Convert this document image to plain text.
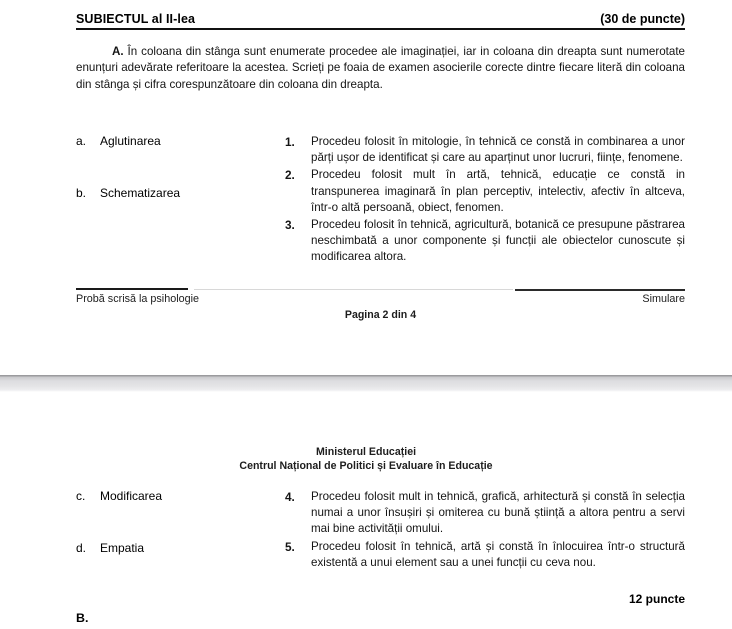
SUBIECTUL al II-lea	(30 de puncte)
A. În coloana din stânga sunt enumerate procedee ale imaginației, iar in coloana din dreapta sunt numerotate enunțuri adevărate referitoare la acestea. Scrieți pe foaia de examen asocierile corecte dintre fiecare literă din coloana din stânga și cifra corespunzătoare din coloana din dreapta.
a. Aglutinarea
b. Schematizarea
1. Procedeu folosit în mitologie, în tehnică ce constă in combinarea a unor părți ușor de identificat și care au aparținut unor lucruri, ființe, fenomene.
2. Procedeu folosit mult în artă, tehnică, educație ce constă in transpunerea imaginară în plan perceptiv, intelectiv, afectiv în altceva, într-o altă persoană, obiect, fenomen.
3. Procedeu folosit în tehnică, agricultură, botanică ce presupune păstrarea neschimbată a unor componente și funcții ale obiectelor cunoscute și modificarea altora.
Probă scrisă la psihologie	Simulare
Pagina 2 din 4
Ministerul Educației
Centrul Național de Politici și Evaluare în Educație
c. Modificarea
d. Empatia
4. Procedeu folosit mult in tehnică, grafică, arhitectură și constă în selecția numai a unor însușiri și omiterea cu bună știință a altora pentru a servi mai bine activității omului.
5. Procedeu folosit în tehnică, artă și constă în înlocuirea într-o structură existentă a unui element sau a unei funcții cu ceva nou.
12 puncte
B.
